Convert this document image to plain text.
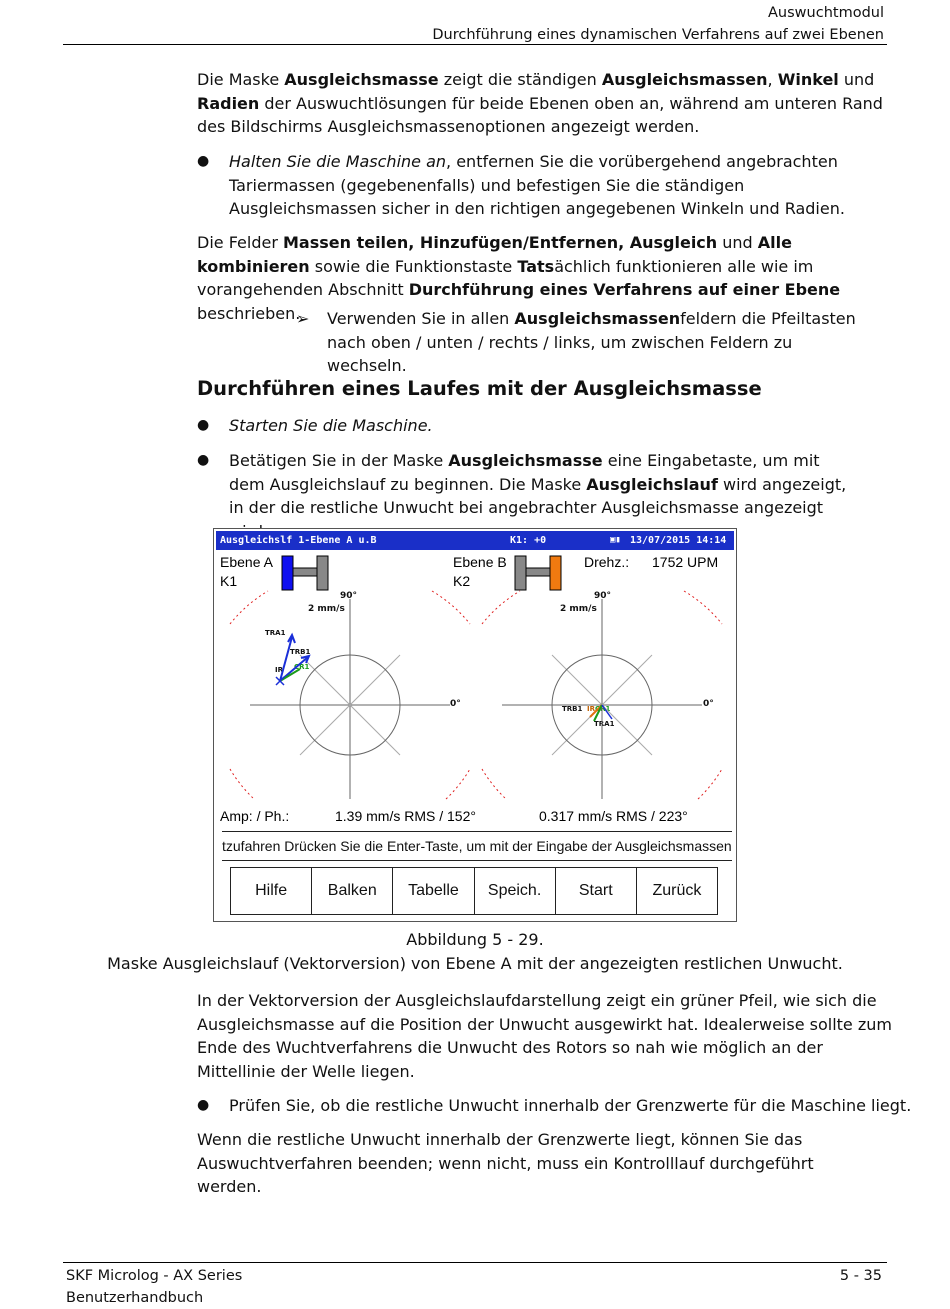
Auswuchtmodul
Durchführung eines dynamischen Verfahrens auf zwei Ebenen
Die Maske Ausgleichsmasse zeigt die ständigen Ausgleichsmassen, Winkel und Radien der Auswuchtlösungen für beide Ebenen oben an, während am unteren Rand des Bildschirms Ausgleichsmassenoptionen angezeigt werden.
● Halten Sie die Maschine an, entfernen Sie die vorübergehend angebrachten Tariermassen (gegebenenfalls) und befestigen Sie die ständigen Ausgleichsmassen sicher in den richtigen angegebenen Winkeln und Radien.
Die Felder Massen teilen, Hinzufügen/Entfernen, Ausgleich und Alle kombinieren sowie die Funktionstaste Tatsächlich funktionieren alle wie im vorangehenden Abschnitt Durchführung eines Verfahrens auf einer Ebene beschrieben.
➢ Verwenden Sie in allen Ausgleichsmassenfeldern die Pfeiltasten nach oben / unten / rechts / links, um zwischen Feldern zu wechseln.
Durchführen eines Laufes mit der Ausgleichsmasse
● Starten Sie die Maschine.
● Betätigen Sie in der Maske Ausgleichsmasse eine Eingabetaste, um mit dem Ausgleichslauf zu beginnen. Die Maske Ausgleichslauf wird angezeigt, in der die restliche Unwucht bei angebrachter Ausgleichsmasse angezeigt
Ausgleichslf 1-Ebene A u.B	K1: +0	▣▮ 13/07/2015 14:14
Ebene A
K1
Ebene B
K2
Drehz.: 1752 UPM
90°
2 mm/s
0°
90°
2 mm/s
0°
TRA1
TRB1
IR CR1
TRB1 IR CR1
TRA1
Amp: / Ph.:	1.39 mm/s RMS / 152°	0.317 mm/s RMS / 223°
tzufahren Drücken Sie die Enter-Taste, um mit der Eingabe der Ausgleichsmassen
Hilfe	Balken	Tabelle	Speich.	Start	Zurück
Abbildung 5 - 29.
Maske Ausgleichslauf (Vektorversion) von Ebene A mit der angezeigten restlichen Unwucht.
In der Vektorversion der Ausgleichslaufdarstellung zeigt ein grüner Pfeil, wie sich die Ausgleichsmasse auf die Position der Unwucht ausgewirkt hat. Idealerweise sollte zum Ende des Wuchtverfahrens die Unwucht des Rotors so nah wie möglich an der Mittellinie der Welle liegen.
● Prüfen Sie, ob die restliche Unwucht innerhalb der Grenzwerte für die Maschine liegt.
Wenn die restliche Unwucht innerhalb der Grenzwerte liegt, können Sie das Auswuchtverfahren beenden; wenn nicht, muss ein Kontrolllauf durchgeführt werden.
SKF Microlog - AX Series
Benutzerhandbuch
5 - 35
